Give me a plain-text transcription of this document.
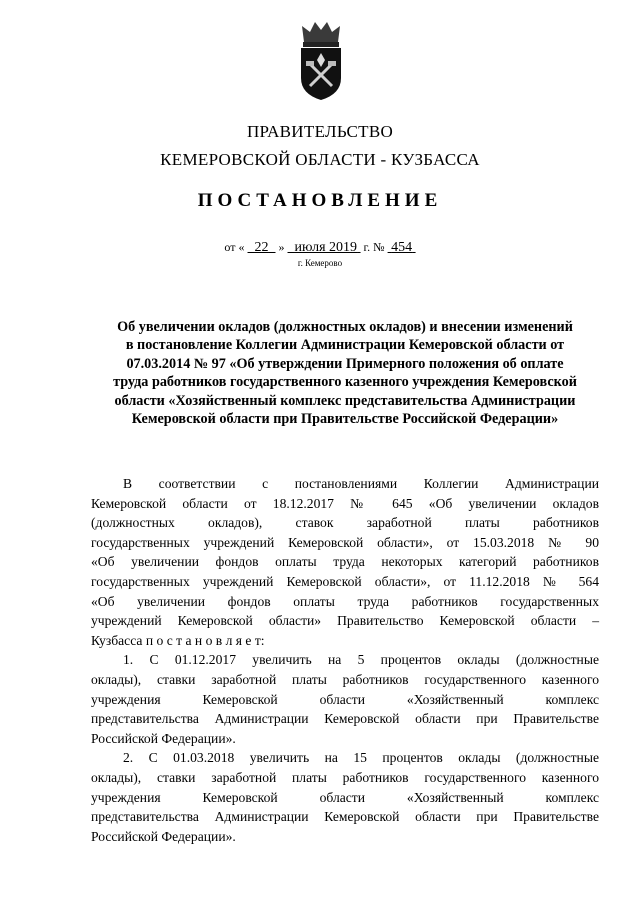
ПРАВИТЕЛЬСТВО
КЕМЕРОВСКОЙ ОБЛАСТИ - КУЗБАССА
ПОСТАНОВЛЕНИЕ
от « 22 » июля 2019 г. № 454
г. Кемерово
Об увеличении окладов (должностных окладов) и внесении изменений
в постановление Коллегии Администрации Кемеровской области от
07.03.2014 № 97 «Об утверждении Примерного положения об оплате
труда работников государственного казенного учреждения Кемеровской
области «Хозяйственный комплекс представительства Администрации
Кемеровской области при Правительстве Российской Федерации»
В соответствии с постановлениями Коллегии Администрации
Кемеровской области от 18.12.2017 № 645 «Об увеличении окладов
(должностных окладов), ставок заработной платы работников
государственных учреждений Кемеровской области», от 15.03.2018 № 90
«Об увеличении фондов оплаты труда некоторых категорий работников
государственных учреждений Кемеровской области», от 11.12.2018 № 564
«Об увеличении фондов оплаты труда работников государственных
учреждений Кемеровской области» Правительство Кемеровской области –
Кузбасса п о с т а н о в л я е т:
1. С 01.12.2017 увеличить на 5 процентов оклады (должностные
оклады), ставки заработной платы работников государственного казенного
учреждения Кемеровской области «Хозяйственный комплекс
представительства Администрации Кемеровской области при Правительстве
Российской Федерации».
2. С 01.03.2018 увеличить на 15 процентов оклады (должностные
оклады), ставки заработной платы работников государственного казенного
учреждения Кемеровской области «Хозяйственный комплекс
представительства Администрации Кемеровской области при Правительстве
Российской Федерации».
